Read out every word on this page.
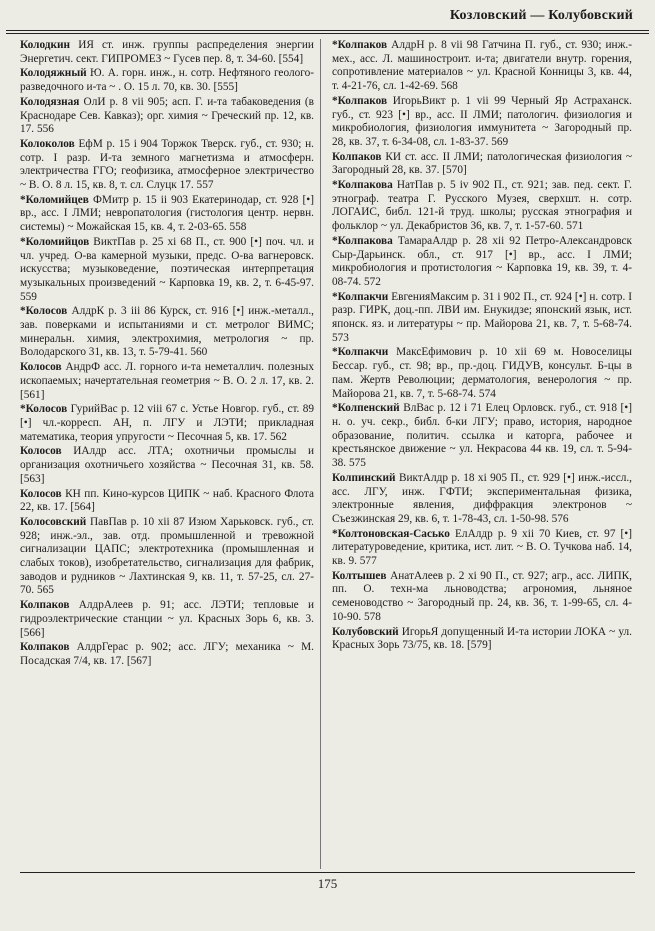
Козловский — Колубовский
Колодкин ИЯ ст. инж. группы распределения энергии Энергетич. сект. ГИПРОМЕЗ ~ Гусев пер. 8, т. 34-60. [554]
Колодяжный Ю. А. горн. инж., н. сотр. Нефтяного геолого-разведочного и-та ~ . О. 15 л. 70, кв. 30. [555]
Колодязная ОлИ р. 8 vii 905; асп. Г. и-та табаковедения (в Краснодаре Сев. Кавказ); орг. химия ~ Греческий пр. 12, кв. 17. 556
Колоколов ЕфМ р. 15 i 904 Торжок Тверск. губ., ст. 930; н. сотр. I разр. И-та земного магнетизма и атмосферн. электричества ГГО; геофизика, атмосферное электричество ~ В. О. 8 л. 15, кв. 8, т. сл. Слуцк 17. 557
*Коломийцев ФМитр р. 15 ii 903 Екатеринодар, ст. 928 [•] вр., асс. I ЛМИ; невропатология (гистология центр. нервн. системы) ~ Можайская 15, кв. 4, т. 2-03-65. 558
*Коломийцов ВиктПав р. 25 xi 68 П., ст. 900 [•] поч. чл. и чл. учред. О-ва камерной музыки, предс. О-ва вагнеровск. искусства; музыковедение, поэтическая интерпретация музыкальных произведений ~ Карповка 19, кв. 2, т. 6-45-97. 559
*Колосов АлдрК р. 3 iii 86 Курск, ст. 916 [•] инж.-металл., зав. поверками и испытаниями и ст. метролог ВИМС; минеральн. химия, электрохимия, метрология ~ пр. Володарского 31, кв. 13, т. 5-79-41. 560
Колосов АндрФ асс. Л. горного и-та неметаллич. полезных ископаемых; начертательная геометрия ~ В. О. 2 л. 17, кв. 2. [561]
*Колосов ГурийВас р. 12 viii 67 с. Устье Новгор. губ., ст. 89 [•] чл.-корресп. АН, п. ЛГУ и ЛЭТИ; прикладная математика, теория упругости ~ Песочная 5, кв. 17. 562
Колосов ИАлдр асс. ЛТА; охотничьи промыслы и организация охотничьего хозяйства ~ Песочная 31, кв. 58. [563]
Колосов КН пп. Кино-курсов ЦИПК ~ наб. Красного Флота 22, кв. 17. [564]
Колосовский ПавПав р. 10 xii 87 Изюм Харьковск. губ., ст. 928; инж.-эл., зав. отд. промышленной и тревожной сигнализации ЦАПС; электротехника (промышленная и слабых токов), изобретательство, сигнализация для фабрик, заводов и рудников ~ Лахтинская 9, кв. 11, т. 57-25, сл. 27-70. 565
Колпаков АлдрАлеев р. 91; асс. ЛЭТИ; тепловые и гидроэлектрические станции ~ ул. Красных Зорь 6, кв. 3. [566]
Колпаков АлдрГерас р. 902; асс. ЛГУ; механика ~ М. Посадская 7/4, кв. 17. [567]
*Колпаков АлдрН р. 8 vii 98 Гатчина П. губ., ст. 930; инж.-мех., асс. Л. машиностроит. и-та; двигатели внутр. горения, сопротивление материалов ~ ул. Красной Конницы 3, кв. 44, т. 4-21-76, сл. 1-42-69. 568
*Колпаков ИгорьВикт р. 1 vii 99 Черный Яр Астраханск. губ., ст. 923 [•] вр., асс. II ЛМИ; патологич. физиология и микробиология, физиология иммунитета ~ Загородный пр. 28, кв. 37, т. 6-34-08, сл. 1-83-37. 569
Колпаков КИ ст. асс. II ЛМИ; патологическая физиология ~ Загородный 28, кв. 37. [570]
*Колпакова НатПав р. 5 iv 902 П., ст. 921; зав. пед. сект. Г. этнограф. театра Г. Русского Музея, сверхшт. н. сотр. ЛОГАИС, библ. 121-й труд. школы; русская этнография и фольклор ~ ул. Декабристов 36, кв. 7, т. 1-57-60. 571
*Колпакова ТамараАлдр р. 28 xii 92 Петро-Александровск Сыр-Дарьинск. обл., ст. 917 [•] вр., асс. I ЛМИ; микробиология и протистология ~ Карповка 19, кв. 39, т. 4-08-74. 572
*Колпакчи ЕвгенияМаксим р. 31 i 902 П., ст. 924 [•] н. сотр. I разр. ГИРК, доц.-пп. ЛВИ им. Енукидзе; японский язык, ист. японск. яз. и литературы ~ пр. Майорова 21, кв. 7, т. 5-68-74. 573
*Колпакчи МаксЕфимович р. 10 xii 69 м. Новоселицы Бессар. губ., ст. 98; вр., пр.-доц. ГИДУВ, консульт. Б-цы в пам. Жертв Революции; дерматология, венерология ~ пр. Майорова 21, кв. 7, т. 5-68-74. 574
*Колпенский ВлВас р. 12 i 71 Елец Орловск. губ., ст. 918 [•] н. о. уч. секр., библ. б-ки ЛГУ; право, история, народное образование, политич. ссылка и каторга, рабочее и крестьянское движение ~ ул. Некрасова 44 кв. 19, сл. т. 5-94-38. 575
Колпинский ВиктАлдр р. 18 xi 905 П., ст. 929 [•] инж.-иссл., асс. ЛГУ, инж. ГФТИ; экспериментальная физика, электронные явления, диффракция электронов ~ Съезжинская 29, кв. 6, т. 1-78-43, сл. 1-50-98. 576
*Колтоновская-Сасько ЕлАлдр р. 9 xii 70 Киев, ст. 97 [•] литературоведение, критика, ист. лит. ~ В. О. Тучкова наб. 14, кв. 9. 577
Колтышев АнатАлеев р. 2 xi 90 П., ст. 927; агр., асс. ЛИПК, пп. О. техн-ма льноводства; агрономия, льняное семеноводство ~ Загородный пр. 24, кв. 36, т. 1-99-65, сл. 4-10-90. 578
Колубовский ИгорьЯ допущенный И-та истории ЛОКА ~ ул. Красных Зорь 73/75, кв. 18. [579]
175
